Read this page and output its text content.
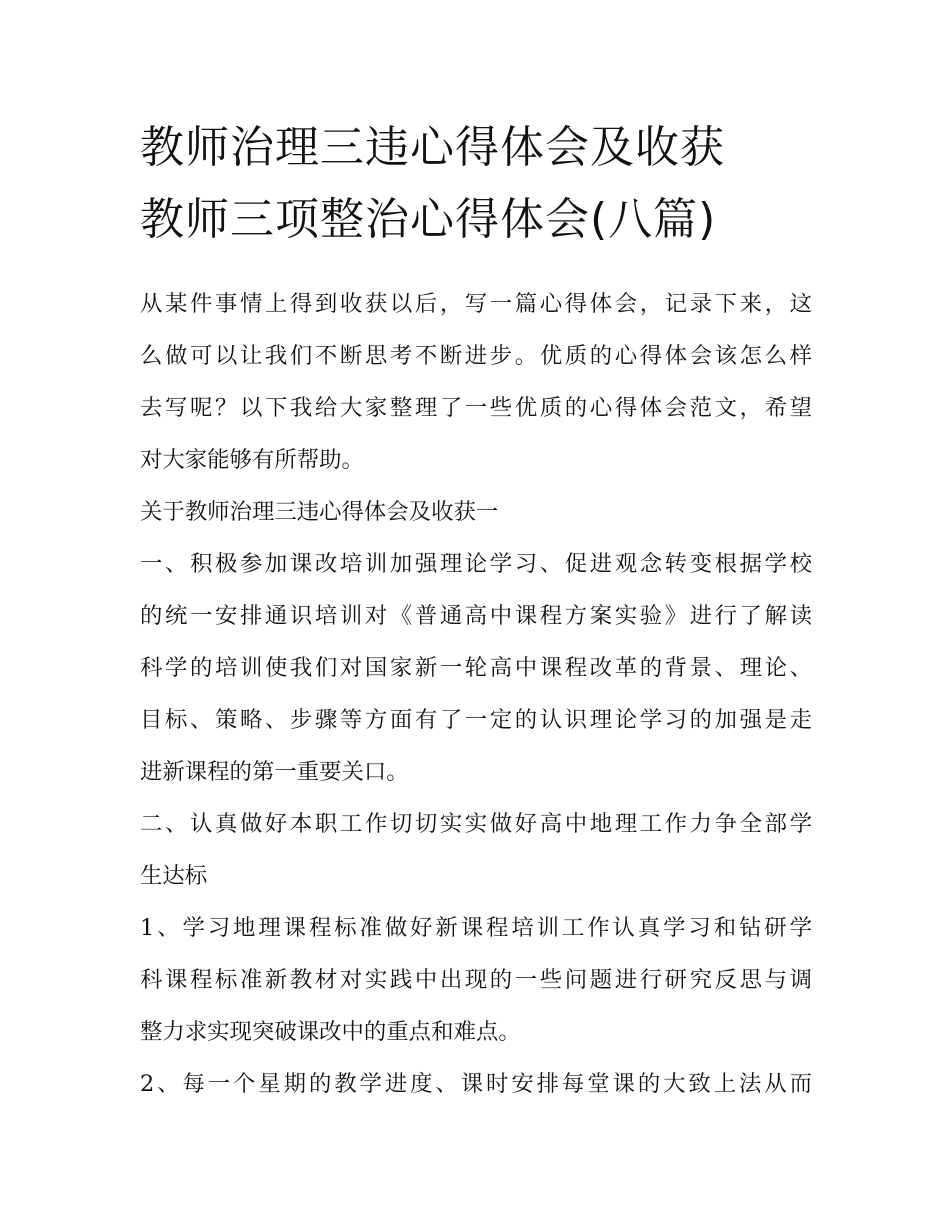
教师治理三违心得体会及收获
教师三项整治心得体会(八篇)
从某件事情上得到收获以后，写一篇心得体会，记录下来，这
么做可以让我们不断思考不断进步。优质的心得体会该怎么样
去写呢？以下我给大家整理了一些优质的心得体会范文，希望
对大家能够有所帮助。
关于教师治理三违心得体会及收获一
一、积极参加课改培训加强理论学习、促进观念转变根据学校
的统一安排通识培训对《普通高中课程方案实验》进行了解读
科学的培训使我们对国家新一轮高中课程改革的背景、理论、
目标、策略、步骤等方面有了一定的认识理论学习的加强是走
进新课程的第一重要关口。
二、认真做好本职工作切切实实做好高中地理工作力争全部学
生达标
1、学习地理课程标准做好新课程培训工作认真学习和钻研学
科课程标准新教材对实践中出现的一些问题进行研究反思与调
整力求实现突破课改中的重点和难点。
2、每一个星期的教学进度、课时安排每堂课的大致上法从而
